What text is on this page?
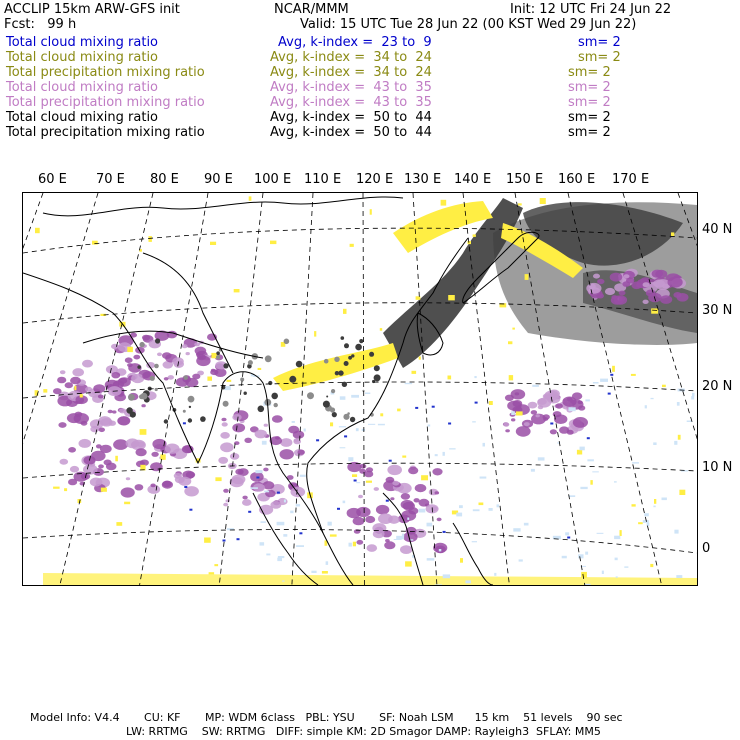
ACCLIP 15km ARW-GFS init	NCAR/MMM	Init: 12 UTC Fri 24 Jun 22
Fcst:   99 h	Valid: 15 UTC Tue 28 Jun 22 (00 KST Wed 29 Jun 22)
Total cloud mixing ratio	Avg, k-index =  23 to  9	sm= 2
Total cloud mixing ratio	Avg, k-index =  34 to  24	sm= 2
Total precipitation mixing ratio	Avg, k-index =  34 to  24	sm= 2
Total cloud mixing ratio	Avg, k-index =  43 to  35	sm= 2
Total precipitation mixing ratio	Avg, k-index =  43 to  35	sm= 2
Total cloud mixing ratio	Avg, k-index =  50 to  44	sm= 2
Total precipitation mixing ratio	Avg, k-index =  50 to  44	sm= 2
60 E 70 E 80 E 90 E 100 E 110 E 120 E 130 E 140 E 150 E 160 E 170 E
40 N
30 N
20 N
10 N
0
Model Info: V4.4       CU: KF       MP: WDM 6class   PBL: YSU       SF: Noah LSM      15 km    51 levels    90 sec
LW: RRTMG    SW: RRTMG   DIFF: simple KM: 2D Smagor DAMP: Rayleigh3  SFLAY: MM5
